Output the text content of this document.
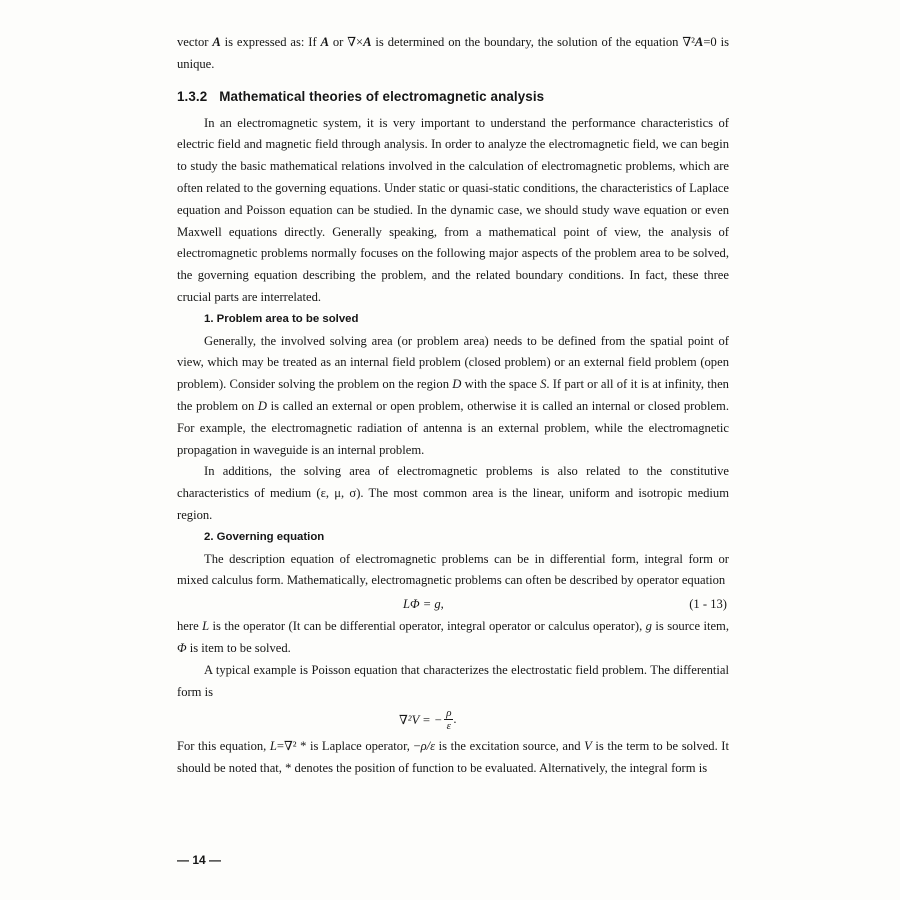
vector A is expressed as: If A or ∇×A is determined on the boundary, the solution of the equation ∇²A=0 is unique.

1.3.2 Mathematical theories of electromagnetic analysis

In an electromagnetic system, it is very important to understand the performance characteristics of electric field and magnetic field through analysis. In order to analyze the electromagnetic field, we can begin to study the basic mathematical relations involved in the calculation of electromagnetic problems, which are often related to the governing equations. Under static or quasi-static conditions, the characteristics of Laplace equation and Poisson equation can be studied. In the dynamic case, we should study wave equation or even Maxwell equations directly. Generally speaking, from a mathematical point of view, the analysis of electromagnetic problems normally focuses on the following major aspects of the problem area to be solved, the governing equation describing the problem, and the related boundary conditions. In fact, these three crucial parts are interrelated.

1. Problem area to be solved

Generally, the involved solving area (or problem area) needs to be defined from the spatial point of view, which may be treated as an internal field problem (closed problem) or an external field problem (open problem). Consider solving the problem on the region D with the space S. If part or all of it is at infinity, then the problem on D is called an external or open problem, otherwise it is called an internal or closed problem. For example, the electromagnetic radiation of antenna is an external problem, while the electromagnetic propagation in waveguide is an internal problem.

In additions, the solving area of electromagnetic problems is also related to the constitutive characteristics of medium (ε, μ, σ). The most common area is the linear, uniform and isotropic medium region.

2. Governing equation

The description equation of electromagnetic problems can be in differential form, integral form or mixed calculus form. Mathematically, electromagnetic problems can often be described by operator equation

LΦ = g,	(1 - 13)

here L is the operator (It can be differential operator, integral operator or calculus operator), g is source item, Φ is item to be solved.

A typical example is Poisson equation that characterizes the electrostatic field problem. The differential form is

∇²V = − $\frac{\rho}{\varepsilon}$ .

For this equation, L=∇² * is Laplace operator, −ρ/ε is the excitation source, and V is the term to be solved. It should be noted that, * denotes the position of function to be evaluated. Alternatively, the integral form is

— 14 —
